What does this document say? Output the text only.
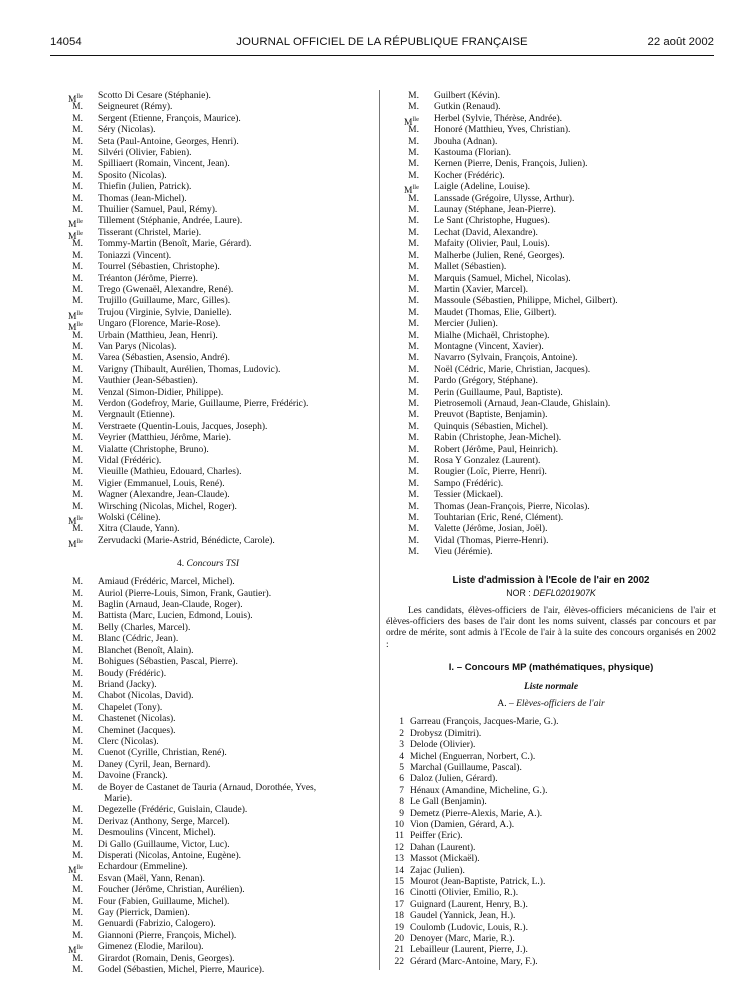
14054	JOURNAL OFFICIEL DE LA RÉPUBLIQUE FRANÇAISE	22 août 2002
$M^{lle}$ Scotto Di Cesare (Stéphanie).
M. Seigneuret (Rémy).
M. Sergent (Etienne, François, Maurice).
M. Séry (Nicolas).
M. Seta (Paul-Antoine, Georges, Henri).
M. Silvéri (Olivier, Fabien).
M. Spilliaert (Romain, Vincent, Jean).
M. Sposito (Nicolas).
M. Thiefin (Julien, Patrick).
M. Thomas (Jean-Michel).
M. Thuilier (Samuel, Paul, Rémy).
$M^{lle}$ Tillement (Stéphanie, Andrée, Laure).
$M^{lle}$ Tisserant (Christel, Marie).
M. Tommy-Martin (Benoît, Marie, Gérard).
M. Toniazzi (Vincent).
M. Tourrel (Sébastien, Christophe).
M. Tréanton (Jérôme, Pierre).
M. Trego (Gwenaël, Alexandre, René).
M. Trujillo (Guillaume, Marc, Gilles).
$M^{lle}$ Trujou (Virginie, Sylvie, Danielle).
$M^{lle}$ Ungaro (Florence, Marie-Rose).
M. Urbain (Matthieu, Jean, Henri).
M. Van Parys (Nicolas).
M. Varea (Sébastien, Asensio, André).
M. Varigny (Thibault, Aurélien, Thomas, Ludovic).
M. Vauthier (Jean-Sébastien).
M. Venzal (Simon-Didier, Philippe).
M. Verdon (Godefroy, Marie, Guillaume, Pierre, Frédéric).
M. Vergnault (Etienne).
M. Verstraete (Quentin-Louis, Jacques, Joseph).
M. Veyrier (Matthieu, Jérôme, Marie).
M. Vialatte (Christophe, Bruno).
M. Vidal (Frédéric).
M. Vieuille (Mathieu, Edouard, Charles).
M. Vigier (Emmanuel, Louis, René).
M. Wagner (Alexandre, Jean-Claude).
M. Wirsching (Nicolas, Michel, Roger).
$M^{lle}$ Wolski (Céline).
M. Xitra (Claude, Yann).
$M^{lle}$ Zervudacki (Marie-Astrid, Bénédicte, Carole).
4. Concours TSI
M. Amiaud (Frédéric, Marcel, Michel).
M. Auriol (Pierre-Louis, Simon, Frank, Gautier).
M. Baglin (Arnaud, Jean-Claude, Roger).
M. Battista (Marc, Lucien, Edmond, Louis).
M. Belly (Charles, Marcel).
M. Blanc (Cédric, Jean).
M. Blanchet (Benoît, Alain).
M. Bohigues (Sébastien, Pascal, Pierre).
M. Boudy (Frédéric).
M. Briand (Jacky).
M. Chabot (Nicolas, David).
M. Chapelet (Tony).
M. Chastenet (Nicolas).
M. Cheminet (Jacques).
M. Clerc (Nicolas).
M. Cuenot (Cyrille, Christian, René).
M. Daney (Cyril, Jean, Bernard).
M. Davoine (Franck).
M. de Boyer de Castanet de Tauria (Arnaud, Dorothée, Yves,
Marie).
M. Degezelle (Frédéric, Guislain, Claude).
M. Derivaz (Anthony, Serge, Marcel).
M. Desmoulins (Vincent, Michel).
M. Di Gallo (Guillaume, Victor, Luc).
M. Disperati (Nicolas, Antoine, Eugène).
$M^{lle}$ Echardour (Emmeline).
M. Esvan (Maël, Yann, Renan).
M. Foucher (Jérôme, Christian, Aurélien).
M. Four (Fabien, Guillaume, Michel).
M. Gay (Pierrick, Damien).
M. Genuardi (Fabrizio, Calogero).
M. Giannoni (Pierre, François, Michel).
$M^{lle}$ Gimenez (Elodie, Marilou).
M. Girardot (Romain, Denis, Georges).
M. Godel (Sébastien, Michel, Pierre, Maurice).
M. Guilbert (Kévin).
M. Gutkin (Renaud).
$M^{lle}$ Herbel (Sylvie, Thérèse, Andrée).
M. Honoré (Matthieu, Yves, Christian).
M. Jbouha (Adnan).
M. Kastouma (Florian).
M. Kernen (Pierre, Denis, François, Julien).
M. Kocher (Frédéric).
$M^{lle}$ Laigle (Adeline, Louise).
M. Lanssade (Grégoire, Ulysse, Arthur).
M. Launay (Stéphane, Jean-Pierre).
M. Le Sant (Christophe, Hugues).
M. Lechat (David, Alexandre).
M. Mafaity (Olivier, Paul, Louis).
M. Malherbe (Julien, René, Georges).
M. Mallet (Sébastien).
M. Marquis (Samuel, Michel, Nicolas).
M. Martin (Xavier, Marcel).
M. Massoule (Sébastien, Philippe, Michel, Gilbert).
M. Maudet (Thomas, Elie, Gilbert).
M. Mercier (Julien).
M. Mialhe (Michaël, Christophe).
M. Montagne (Vincent, Xavier).
M. Navarro (Sylvain, François, Antoine).
M. Noël (Cédric, Marie, Christian, Jacques).
M. Pardo (Grégory, Stéphane).
M. Perin (Guillaume, Paul, Baptiste).
M. Pietrosemoli (Arnaud, Jean-Claude, Ghislain).
M. Preuvot (Baptiste, Benjamin).
M. Quinquis (Sébastien, Michel).
M. Rabin (Christophe, Jean-Michel).
M. Robert (Jérôme, Paul, Heinrich).
M. Rosa Y Gonzalez (Laurent).
M. Rougier (Loïc, Pierre, Henri).
M. Sampo (Frédéric).
M. Tessier (Mickael).
M. Thomas (Jean-François, Pierre, Nicolas).
M. Touhtarian (Eric, René, Clément).
M. Valette (Jérôme, Josian, Joël).
M. Vidal (Thomas, Pierre-Henri).
M. Vieu (Jérémie).
Liste d'admission à l'Ecole de l'air en 2002
NOR : DEFL0201907K
Les candidats, élèves-officiers de l'air, élèves-officiers mécaniciens de l'air et élèves-officiers des bases de l'air dont les noms suivent, classés par concours et par ordre de mérite, sont admis à l'Ecole de l'air à la suite des concours organisés en 2002 :
I. – Concours MP (mathématiques, physique)
Liste normale
A. – Elèves-officiers de l'air
1 Garreau (François, Jacques-Marie, G.).
2 Drobysz (Dimitri).
3 Delode (Olivier).
4 Michel (Enguerran, Norbert, C.).
5 Marchal (Guillaume, Pascal).
6 Daloz (Julien, Gérard).
7 Hénaux (Amandine, Micheline, G.).
8 Le Gall (Benjamin).
9 Demetz (Pierre-Alexis, Marie, A.).
10 Vion (Damien, Gérard, A.).
11 Peiffer (Eric).
12 Dahan (Laurent).
13 Massot (Mickaël).
14 Zajac (Julien).
15 Mourot (Jean-Baptiste, Patrick, L.).
16 Cinotti (Olivier, Emilio, R.).
17 Guignard (Laurent, Henry, B.).
18 Gaudel (Yannick, Jean, H.).
19 Coulomb (Ludovic, Louis, R.).
20 Denoyer (Marc, Marie, R.).
21 Lebailleur (Laurent, Pierre, J.).
22 Gérard (Marc-Antoine, Mary, F.).
